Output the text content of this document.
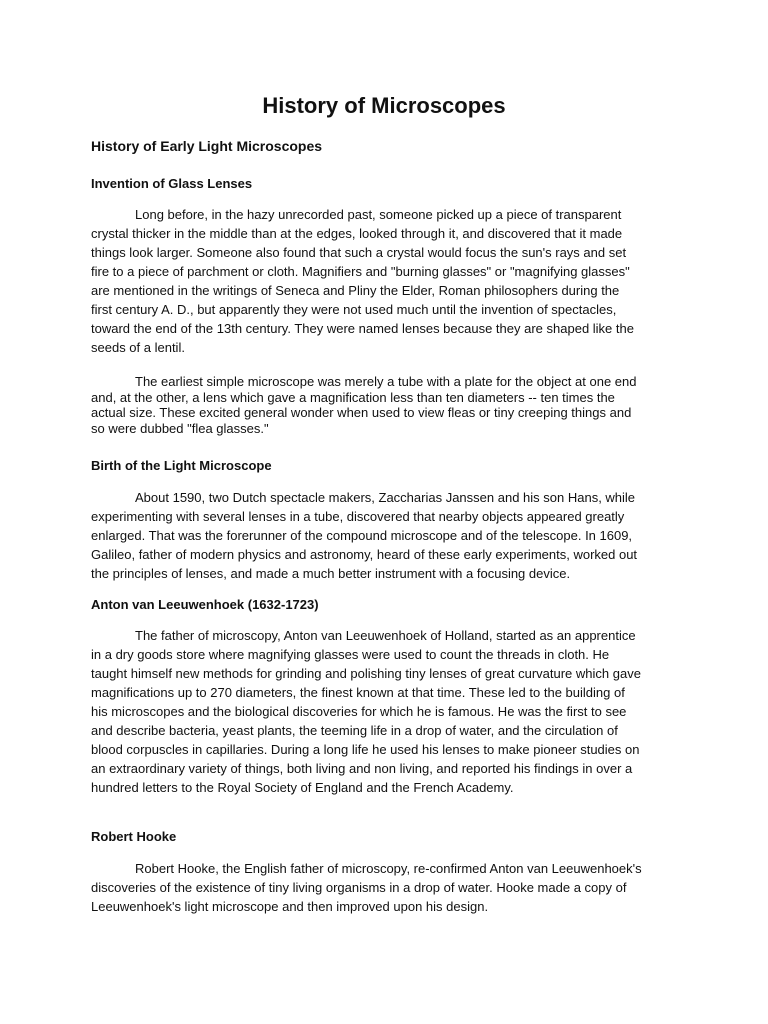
History of Microscopes
History of Early Light Microscopes
Invention of Glass Lenses

Long before, in the hazy unrecorded past, someone picked up a piece of transparent
crystal thicker in the middle than at the edges, looked through it, and discovered that it made
things look larger. Someone also found that such a crystal would focus the sun's rays and set
fire to a piece of parchment or cloth. Magnifiers and "burning glasses" or "magnifying glasses"
are mentioned in the writings of Seneca and Pliny the Elder, Roman philosophers during the
first century A. D., but apparently they were not used much until the invention of spectacles,
toward the end of the 13th century. They were named lenses because they are shaped like the
seeds of a lentil.

The earliest simple microscope was merely a tube with a plate for the object at one end
and, at the other, a lens which gave a magnification less than ten diameters -- ten times the
actual size. These excited general wonder when used to view fleas or tiny creeping things and
so were dubbed "flea glasses."

Birth of the Light Microscope

About 1590, two Dutch spectacle makers, Zaccharias Janssen and his son Hans, while
experimenting with several lenses in a tube, discovered that nearby objects appeared greatly
enlarged. That was the forerunner of the compound microscope and of the telescope. In 1609,
Galileo, father of modern physics and astronomy, heard of these early experiments, worked out
the principles of lenses, and made a much better instrument with a focusing device.

Anton van Leeuwenhoek (1632-1723)

The father of microscopy, Anton van Leeuwenhoek of Holland, started as an apprentice
in a dry goods store where magnifying glasses were used to count the threads in cloth. He
taught himself new methods for grinding and polishing tiny lenses of great curvature which gave
magnifications up to 270 diameters, the finest known at that time. These led to the building of
his microscopes and the biological discoveries for which he is famous. He was the first to see
and describe bacteria, yeast plants, the teeming life in a drop of water, and the circulation of
blood corpuscles in capillaries. During a long life he used his lenses to make pioneer studies on
an extraordinary variety of things, both living and non living, and reported his findings in over a
hundred letters to the Royal Society of England and the French Academy.

Robert Hooke

Robert Hooke, the English father of microscopy, re-confirmed Anton van Leeuwenhoek's
discoveries of the existence of tiny living organisms in a drop of water. Hooke made a copy of
Leeuwenhoek's light microscope and then improved upon his design.
